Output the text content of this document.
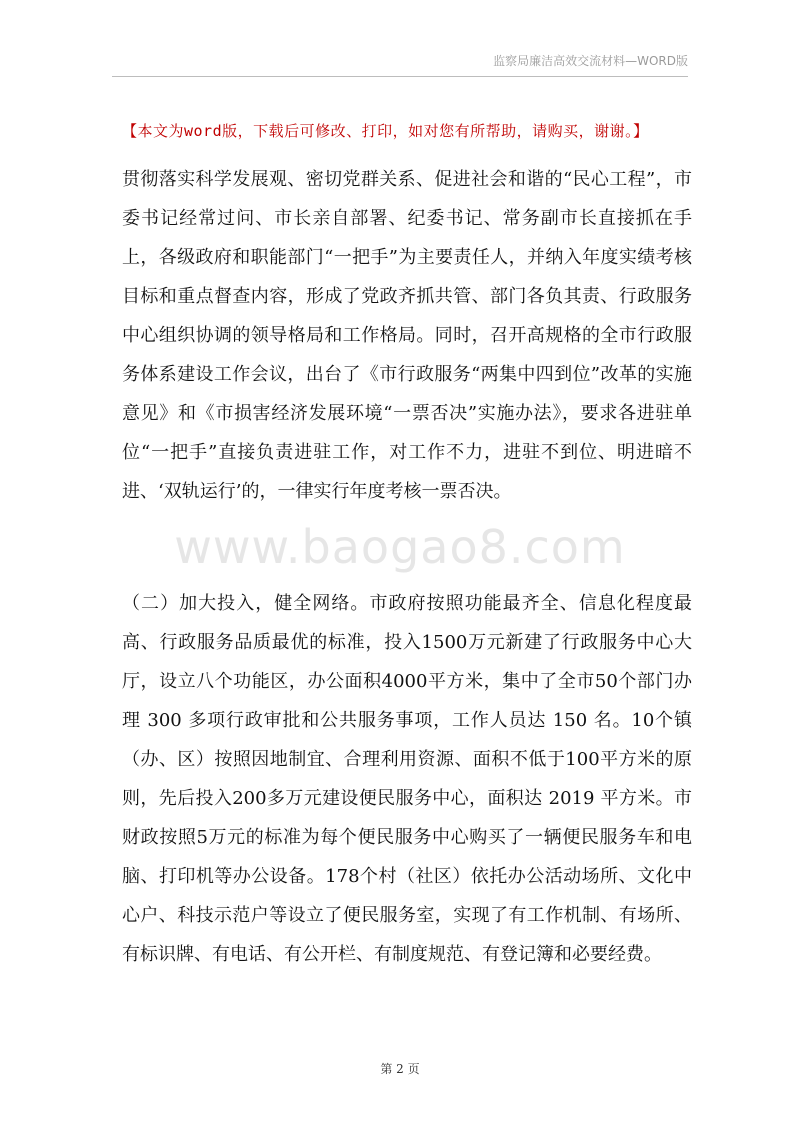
监察局廉洁高效交流材料—WORD版
【本文为word版，下载后可修改、打印，如对您有所帮助，请购买，谢谢。】
贯彻落实科学发展观、密切党群关系、促进社会和谐的“民心工程”，市委书记经常过问、市长亲自部署、纪委书记、常务副市长直接抓在手上，各级政府和职能部门“一把手”为主要责任人，并纳入年度实绩考核目标和重点督查内容，形成了党政齐抓共管、部门各负其责、行政服务中心组织协调的领导格局和工作格局。同时，召开高规格的全市行政服务体系建设工作会议，出台了《市行政服务“两集中四到位”改革的实施意见》和《市损害经济发展环境“一票否决”实施办法》，要求各进驻单位“一把手”直接负责进驻工作，对工作不力，进驻不到位、明进暗不进、‘双轨运行’的，一律实行年度考核一票否决。
www.baogao8.com
（二）加大投入，健全网络。市政府按照功能最齐全、信息化程度最高、行政服务品质最优的标准，投入1500万元新建了行政服务中心大厅，设立八个功能区，办公面积4000平方米，集中了全市50个部门办理 300 多项行政审批和公共服务事项，工作人员达 150 名。10个镇（办、区）按照因地制宜、合理利用资源、面积不低于100平方米的原则，先后投入200多万元建设便民服务中心，面积达 2019 平方米。市财政按照5万元的标准为每个便民服务中心购买了一辆便民服务车和电脑、打印机等办公设备。178个村（社区）依托办公活动场所、文化中心户、科技示范户等设立了便民服务室，实现了有工作机制、有场所、有标识牌、有电话、有公开栏、有制度规范、有登记簿和必要经费。
第 2 页
